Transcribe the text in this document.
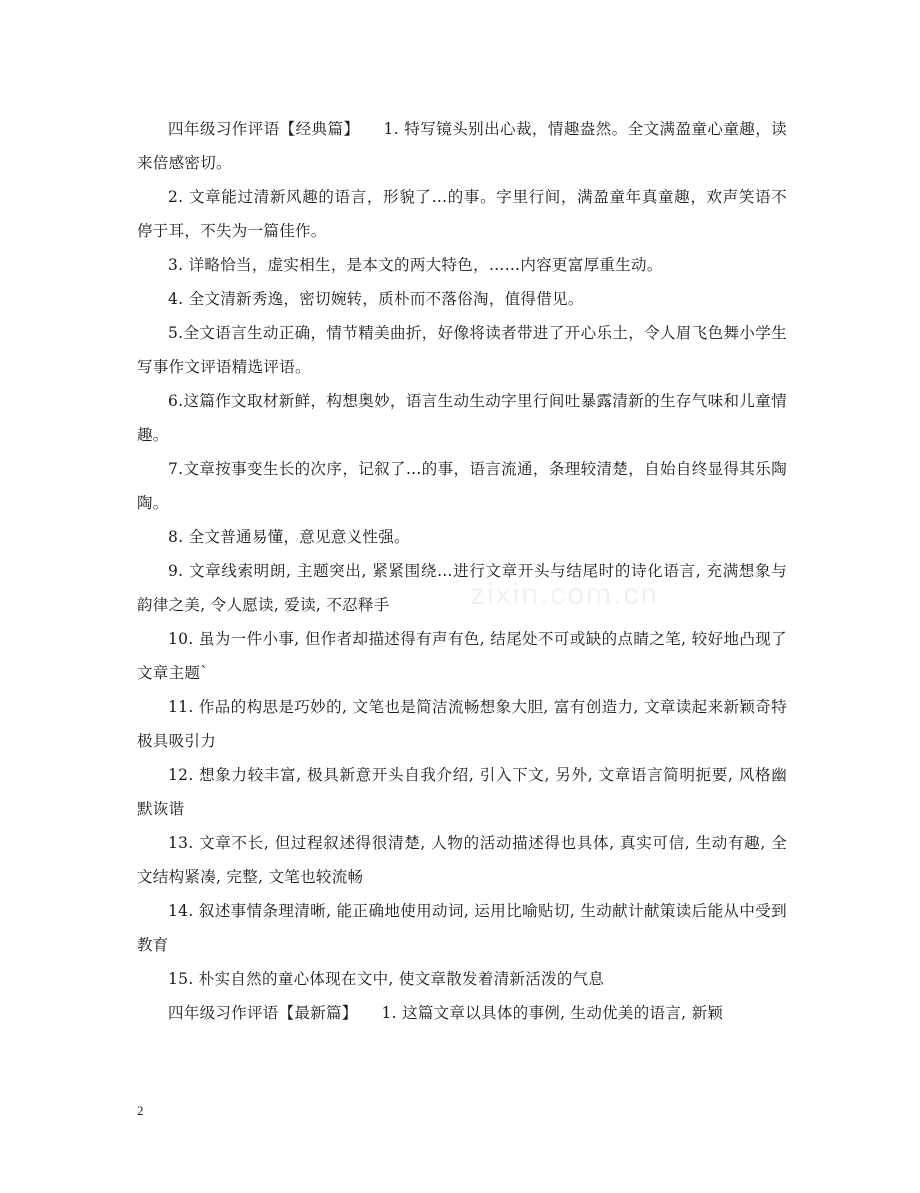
zixin.com.cn

四年级习作评语【经典篇】　　1. 特写镜头别出心裁，情趣盎然。全文满盈童心童趣，读来倍感密切。

2. 文章能过清新风趣的语言，形貌了…的事。字里行间，满盈童年真童趣，欢声笑语不停于耳，不失为一篇佳作。

3. 详略恰当，虚实相生，是本文的两大特色，……内容更富厚重生动。

4. 全文清新秀逸，密切婉转，质朴而不落俗淘，值得借见。

5.全文语言生动正确，情节精美曲折，好像将读者带进了开心乐土，令人眉飞色舞小学生写事作文评语精选评语。

6.这篇作文取材新鲜，构想奥妙，语言生动生动字里行间吐暴露清新的生存气味和儿童情趣。

7.文章按事变生长的次序，记叙了…的事，语言流通，条理较清楚，自始自终显得其乐陶陶。

8. 全文普通易懂，意见意义性强。

9. 文章线索明朗, 主题突出, 紧紧围绕…进行文章开头与结尾时的诗化语言, 充满想象与韵律之美, 令人愿读, 爱读, 不忍释手

10. 虽为一件小事, 但作者却描述得有声有色, 结尾处不可或缺的点睛之笔, 较好地凸现了文章主题`

11. 作品的构思是巧妙的, 文笔也是简洁流畅想象大胆, 富有创造力, 文章读起来新颖奇特极具吸引力

12. 想象力较丰富, 极具新意开头自我介绍, 引入下文, 另外, 文章语言简明扼要, 风格幽默诙谐

13. 文章不长, 但过程叙述得很清楚, 人物的活动描述得也具体, 真实可信, 生动有趣, 全文结构紧凑, 完整, 文笔也较流畅

14. 叙述事情条理清晰, 能正确地使用动词, 运用比喻贴切, 生动献计献策读后能从中受到教育

15. 朴实自然的童心体现在文中, 使文章散发着清新活泼的气息

四年级习作评语【最新篇】　　1. 这篇文章以具体的事例, 生动优美的语言, 新颖

2
